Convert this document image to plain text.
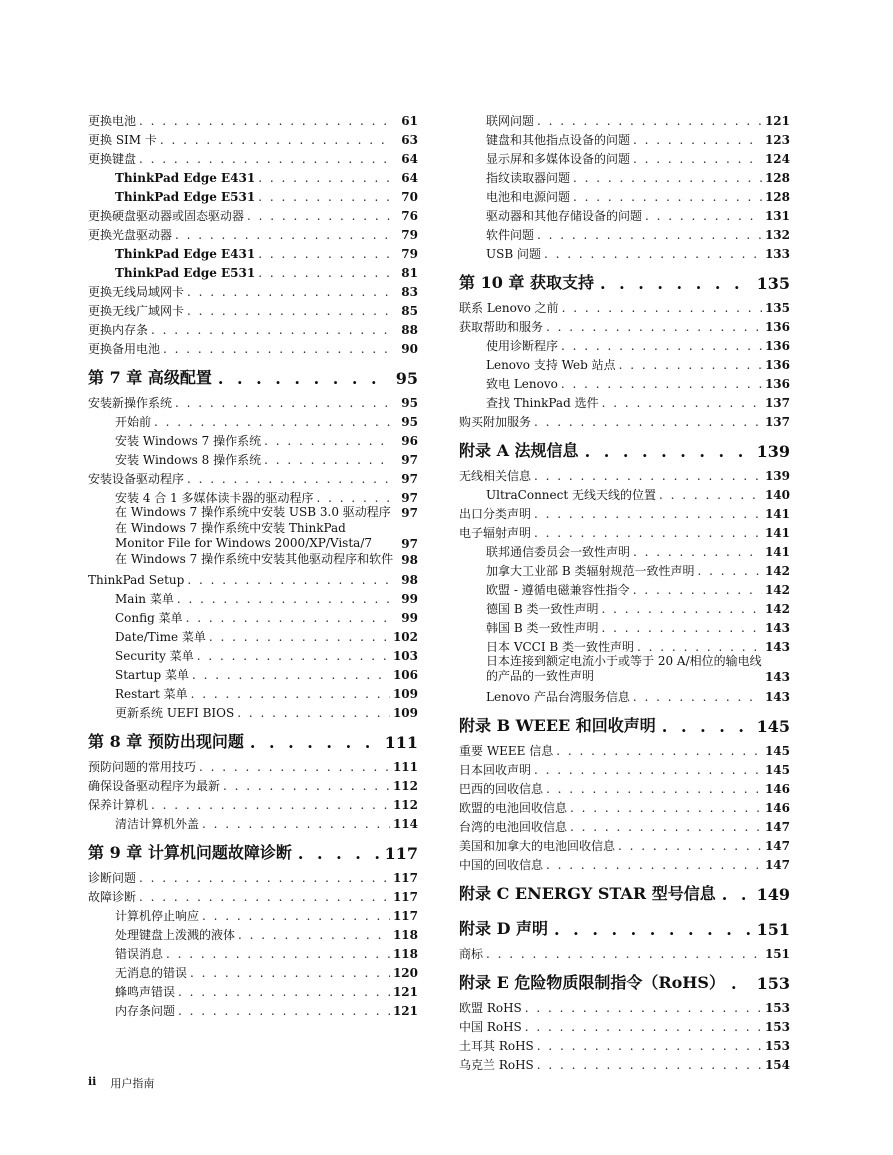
更换电池 . . .	61
更换 SIM 卡 . . .	63
更换键盘 . . .	64
ThinkPad Edge E431 . . .	64
ThinkPad Edge E531 . . .	70
更换硬盘驱动器或固态驱动器 . . .	76
更换光盘驱动器 . . .	79
ThinkPad Edge E431 . . .	79
ThinkPad Edge E531 . . .	81
更换无线局域网卡 . . .	83
更换无线广域网卡 . . .	85
更换内存条 . . .	88
更换备用电池 . . .	90
第 7 章 高级配置 . . .	95
安装新操作系统 . . .	95
开始前 . . .	95
安装 Windows 7 操作系统 . . .	96
安装 Windows 8 操作系统 . . .	97
安装设备驱动程序 . . .	97
安装 4 合 1 多媒体读卡器的驱动程序 . . .	97
在 Windows 7 操作系统中安装 USB 3.0 驱动程序 97
在 Windows 7 操作系统中安装 ThinkPad Monitor File for Windows 2000/XP/Vista/7	97
在 Windows 7 操作系统中安装其他驱动程序和软件 98
ThinkPad Setup . . .	98
Main 菜单 . . .	99
Config 菜单 . . .	99
Date/Time 菜单 . . .	102
Security 菜单 . . .	103
Startup 菜单 . . .	106
Restart 菜单 . . .	109
更新系统 UEFI BIOS . . .	109
第 8 章 预防出现问题 . . .	111
预防问题的常用技巧 . . .	111
确保设备驱动程序为最新 . . .	112
保养计算机 . . .	112
清洁计算机外盖 . . .	114
第 9 章 计算机问题故障诊断 . . .	117
诊断问题 . . .	117
故障诊断 . . .	117
计算机停止响应 . . .	117
处理键盘上泼溅的液体 . . .	118
错误消息 . . .	118
无消息的错误 . . .	120
蜂鸣声错误 . . .	121
内存条问题 . . .	121
联网问题 . . .	121
键盘和其他指点设备的问题 . . .	123
显示屏和多媒体设备的问题 . . .	124
指纹读取器问题 . . .	128
电池和电源问题 . . .	128
驱动器和其他存储设备的问题 . . .	131
软件问题 . . .	132
USB 问题 . . .	133
第 10 章 获取支持 . . .	135
联系 Lenovo 之前 . . .	135
获取帮助和服务 . . .	136
使用诊断程序 . . .	136
Lenovo 支持 Web 站点 . . .	136
致电 Lenovo . . .	136
查找 ThinkPad 选件 . . .	137
购买附加服务 . . .	137
附录 A 法规信息 . . .	139
无线相关信息 . . .	139
UltraConnect 无线天线的位置 . . .	140
出口分类声明 . . .	141
电子辐射声明 . . .	141
联邦通信委员会一致性声明 . . .	141
加拿大工业部 B 类辐射规范一致性声明 . . .	142
欧盟 - 遵循电磁兼容性指令 . . .	142
德国 B 类一致性声明 . . .	142
韩国 B 类一致性声明 . . .	143
日本 VCCI B 类一致性声明 . . .	143
日本连接到额定电流小于或等于 20 A/相位的输电线的产品的一致性声明	143
Lenovo 产品台湾服务信息 . . .	143
附录 B WEEE 和回收声明 . . .	145
重要 WEEE 信息 . . .	145
日本回收声明 . . .	145
巴西的回收信息 . . .	146
欧盟的电池回收信息 . . .	146
台湾的电池回收信息 . . .	147
美国和加拿大的电池回收信息 . . .	147
中国的回收信息 . . .	147
附录 C ENERGY STAR 型号信息 . . .	149
附录 D 声明 . . .	151
商标 . . .	151
附录 E 危险物质限制指令（RoHS） . . . 153
欧盟 RoHS . . .	153
中国 RoHS . . .	153
土耳其 RoHS . . .	153
乌克兰 RoHS . . .	154
ii 用户指南
